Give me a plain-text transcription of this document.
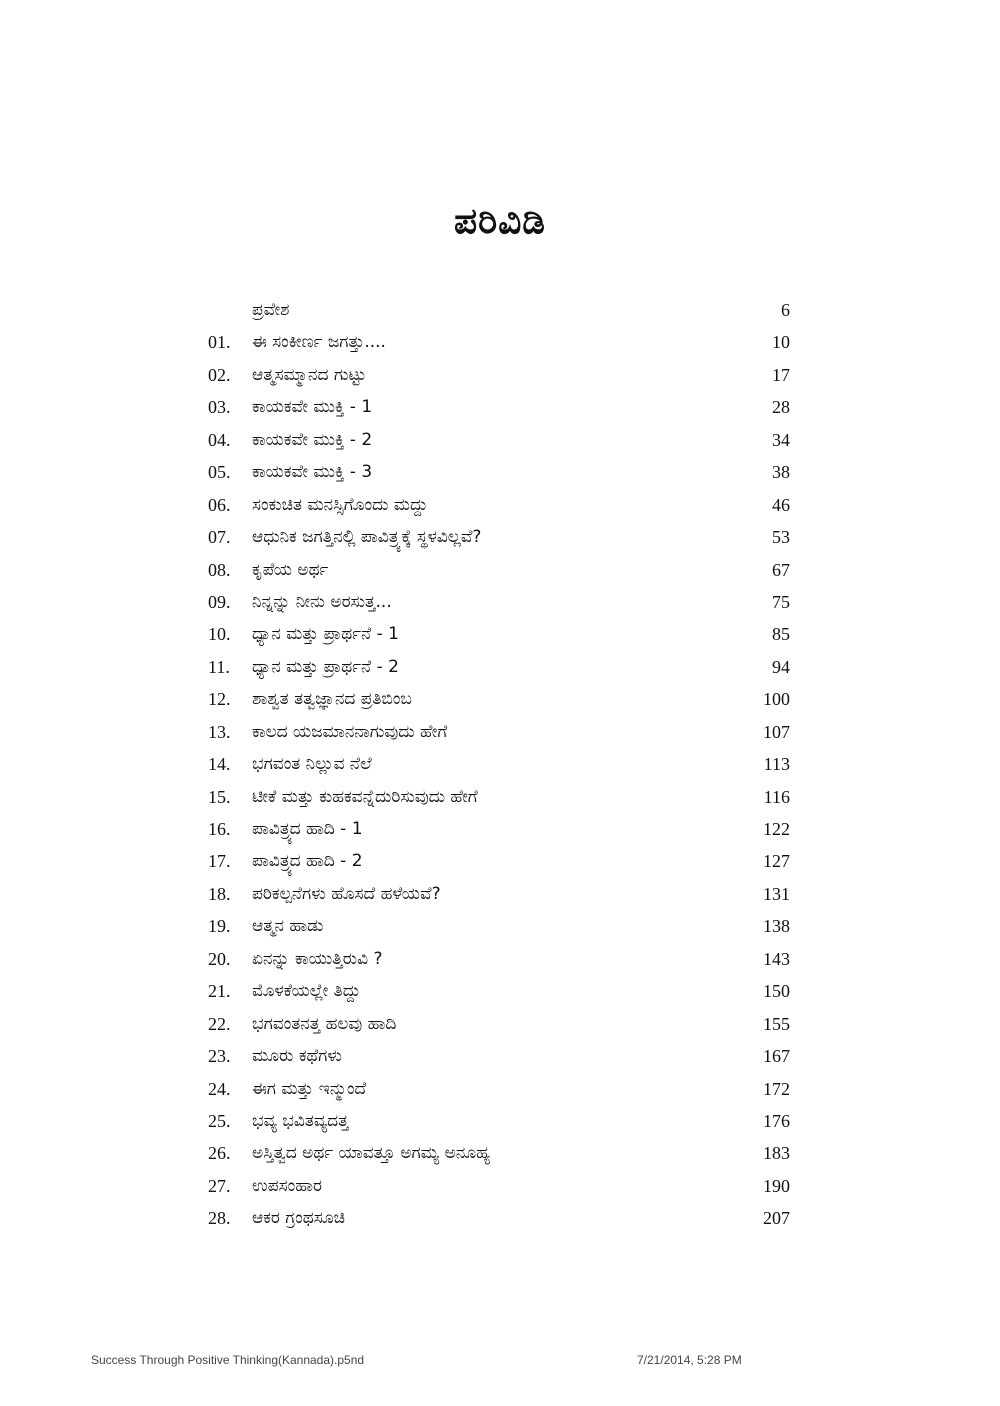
ಪರಿವಿಡಿ
ಪ್ರವೇಶ	6
01.	ಈ ಸಂಕೀರ್ಣ ಜಗತ್ತು....	10
02.	ಆತ್ಮಸಮ್ಮಾನದ ಗುಟ್ಟು	17
03.	ಕಾಯಕವೇ ಮುಕ್ತಿ - 1	28
04.	ಕಾಯಕವೇ ಮುಕ್ತಿ - 2	34
05.	ಕಾಯಕವೇ ಮುಕ್ತಿ - 3	38
06.	ಸಂಕುಚಿತ ಮನಸ್ಸಿಗೊಂದು ಮದ್ದು	46
07.	ಆಧುನಿಕ ಜಗತ್ತಿನಲ್ಲಿ ಪಾವಿತ್ರ್ಯಕ್ಕೆ ಸ್ಥಳವಿಲ್ಲವೆ?	53
08.	ಕೃಪೆಯ ಅರ್ಥ	67
09.	ನಿನ್ನನ್ನು ನೀನು ಅರಸುತ್ತ...	75
10.	ಧ್ಯಾನ ಮತ್ತು ಪ್ರಾರ್ಥನೆ - 1	85
11.	ಧ್ಯಾನ ಮತ್ತು ಪ್ರಾರ್ಥನೆ - 2	94
12.	ಶಾಶ್ವತ ತತ್ವಜ್ಞಾನದ ಪ್ರತಿಬಿಂಬ	100
13.	ಕಾಲದ ಯಜಮಾನನಾಗುವುದು ಹೇಗೆ	107
14.	ಭಗವಂತ ನಿಲ್ಲುವ ನೆಲೆ	113
15.	ಟೀಕೆ ಮತ್ತು ಕುಹಕವನ್ನೆದುರಿಸುವುದು ಹೇಗೆ	116
16.	ಪಾವಿತ್ರ್ಯದ ಹಾದಿ - 1	122
17.	ಪಾವಿತ್ರ್ಯದ ಹಾದಿ - 2	127
18.	ಪರಿಕಲ್ಪನೆಗಳು ಹೊಸದೆ ಹಳೆಯವೆ?	131
19.	ಆತ್ಮನ ಹಾಡು	138
20.	ಏನನ್ನು ಕಾಯುತ್ತಿರುವಿ ?	143
21.	ಮೊಳಕೆಯಲ್ಲೇ ತಿದ್ದು	150
22.	ಭಗವಂತನತ್ತ ಹಲವು ಹಾದಿ	155
23.	ಮೂರು ಕಥೆಗಳು	167
24.	ಈಗ ಮತ್ತು ಇನ್ಮುಂದೆ	172
25.	ಭವ್ಯ ಭವಿತವ್ಯದತ್ತ	176
26.	ಅಸ್ತಿತ್ವದ ಅರ್ಥ ಯಾವತ್ತೂ ಅಗಮ್ಯ ಅನೂಹ್ಯ	183
27.	ಉಪಸಂಹಾರ	190
28.	ಆಕರ ಗ್ರಂಥಸೂಚಿ	207
Success Through Positive Thinking(Kannada).p5nd	7/21/2014, 5:28 PM
